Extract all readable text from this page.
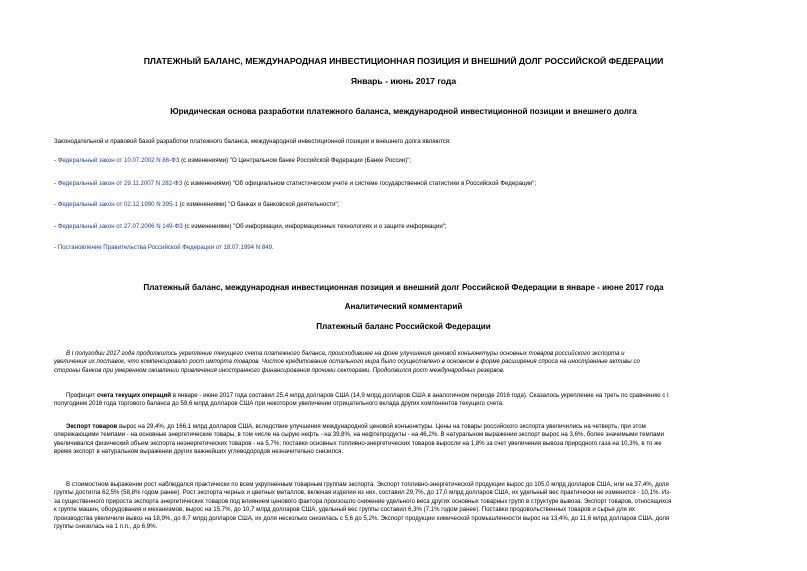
ПЛАТЕЖНЫЙ БАЛАНС, МЕЖДУНАРОДНАЯ ИНВЕСТИЦИОННАЯ ПОЗИЦИЯ И ВНЕШНИЙ ДОЛГ РОССИЙСКОЙ ФЕДЕРАЦИИ
Январь - июнь 2017 года
Юридическая основа разработки платежного баланса, международной инвестиционной позиции и внешнего долга
Законодательной и правовой базой разработки платежного баланса, международной инвестиционной позиции и внешнего долга являются:
- Федеральный закон от 10.07.2002 N 86-ФЗ (с изменениями) "О Центральном банке Российской Федерации (Банке России)";
- Федеральный закон от 29.11.2007 N 282-ФЗ (с изменениями) "Об официальном статистическом учете и системе государственной статистики в Российской Федерации";
- Федеральный закон от 02.12.1990 N 395-1 (с изменениями) "О банках и банковской деятельности";
- Федеральный закон от 27.07.2006 N 149-ФЗ (с изменениями) "Об информации, информационных технологиях и о защите информации";
- Постановление Правительства Российской Федерации от 18.07.1994 N 849.
Платежный баланс, международная инвестиционная позиция и внешний долг Российской Федерации в январе - июне 2017 года
Аналитический комментарий
Платежный баланс Российской Федерации
В I полугодии 2017 года продолжилось укрепление текущего счета платежного баланса, происходившее на фоне улучшения ценовой конъюнктуры основных товаров российского экспорта и
увеличения их поставок, что компенсировало рост импорта товаров. Чистое кредитование остального мира было осуществлено в основном в форме расширения спроса на иностранные активы со
стороны банков при умеренном оживлении привлечения иностранного финансирования прочими секторами. Продолжился рост международных резервов.
Профицит счета текущих операций в январе - июне 2017 года составил 25,4 млрд долларов США (14,9 млрд долларов США в аналогичном периоде 2016 года). Сказалось укрепление на треть по сравнению с I
полугодием 2016 года торгового баланса до 59,6 млрд долларов США при некотором увеличении отрицательного вклада других компонентов текущего счета.
Экспорт товаров вырос на 29,4%, до 166,1 млрд долларов США, вследствие улучшения международной ценовой конъюнктуры. Цены на товары российского экспорта увеличились на четверть, при этом
опережающими темпами - на основные энергетические товары, в том числе на сырую нефть - на 39,8%, на нефтепродукты - на 46,2%. В натуральном выражении экспорт вырос на 3,6%, более значимыми темпами
увеличивался физический объем экспорта неэнергетических товаров - на 5,7%; поставки основных топливно-энергетических товаров выросли на 1,8% за счет увеличения вывоза природного газа на 10,3%, в то же
время экспорт в натуральном выражении других важнейших углеводородов незначительно снизился.
В стоимостном выражении рост наблюдался практически по всем укрупненным товарным группам экспорта. Экспорт топливно-энергетической продукции вырос до 105,0 млрд долларов США, или на 37,4%, доля
группы достигла 62,5% (58,8% годом ранее). Рост экспорта черных и цветных металлов, включая изделия из них, составил 29,7%, до 17,0 млрд долларов США, их удельный вес практически не изменился - 10,1%. Из-
за существенного прироста экспорта энергетических товаров под влиянием ценового фактора произошло снижение удельного веса других основных товарных групп в структуре вывоза. Экспорт товаров, относящихся
к группе машин, оборудования и механизмов, вырос на 15,7%, до 10,7 млрд долларов США, удельный вес группы составил 6,3% (7,1% годом ранее). Поставки продовольственных товаров и сырья для их
производства увеличили вывоз на 18,9%, до 8,7 млрд долларов США, их доля несколько снизилась с 5,6 до 5,2%. Экспорт продукции химической промышленности вырос на 13,4%, до 11,6 млрд долларов США, доля
группы снизилась на 1 п.п., до 6,9%.
